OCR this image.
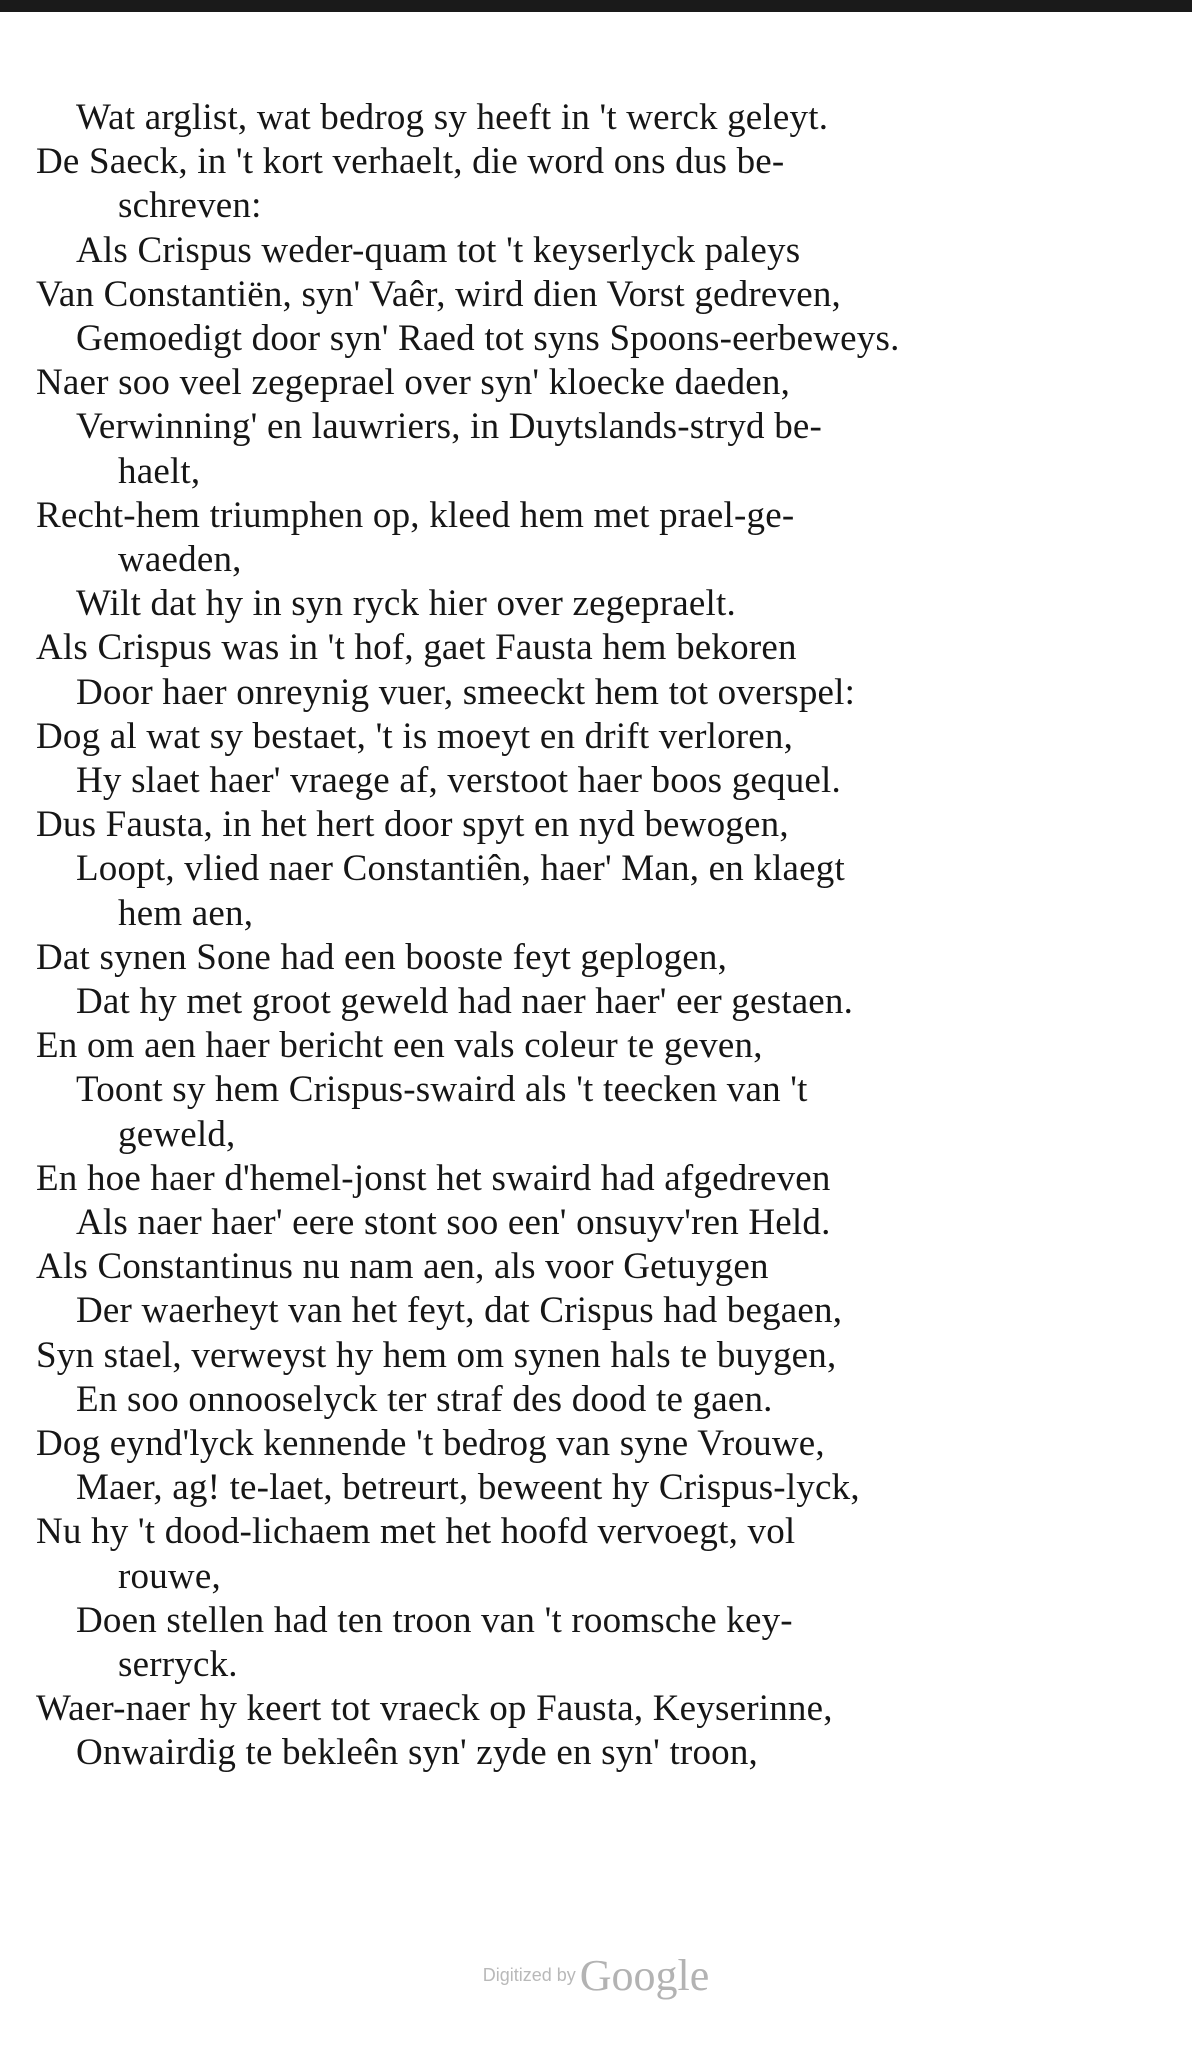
Wat arglist, wat bedrog sy heeft in 't werck geleyt.
De Saeck, in 't kort verhaelt, die word ons dus be-
schreven:
Als Crispus weder-quam tot 't keyserlyck paleys
Van Constantiën, syn' Vaêr, wird dien Vorst gedreven,
Gemoedigt door syn' Raed tot syns Spoons-eerbeweys.
Naer soo veel zegeprael over syn' kloecke daeden,
Verwinning' en lauwriers, in Duytslands-stryd be-
haelt,
Recht-hem triumphen op, kleed hem met prael-ge-
waeden,
Wilt dat hy in syn ryck hier over zegepraelt.
Als Crispus was in 't hof, gaet Fausta hem bekoren
Door haer onreynig vuer, smeeckt hem tot overspel:
Dog al wat sy bestaet, 't is moeyt en drift verloren,
Hy slaet haer' vraege af, verstoot haer boos gequel.
Dus Fausta, in het hert door spyt en nyd bewogen,
Loopt, vlied naer Constantiên, haer' Man, en klaegt
hem aen,
Dat synen Sone had een booste feyt geplogen,
Dat hy met groot geweld had naer haer' eer gestaen.
En om aen haer bericht een vals coleur te geven,
Toont sy hem Crispus-swaird als 't teecken van 't
geweld,
En hoe haer d'hemel-jonst het swaird had afgedreven
Als naer haer' eere stont soo een' onsuyv'ren Held.
Als Constantinus nu nam aen, als voor Getuygen
Der waerheyt van het feyt, dat Crispus had begaen,
Syn stael, verweyst hy hem om synen hals te buygen,
En soo onnooselyck ter straf des dood te gaen.
Dog eynd'lyck kennende 't bedrog van syne Vrouwe,
Maer, ag! te-laet, betreurt, beweent hy Crispus-lyck,
Nu hy 't dood-lichaem met het hoofd vervoegt, vol
rouwe,
Doen stellen had ten troon van 't roomsche key-
serryck.
Waer-naer hy keert tot vraeck op Fausta, Keyserinne,
Onwairdig te bekleên syn' zyde en syn' troon,
Digitized by Google
